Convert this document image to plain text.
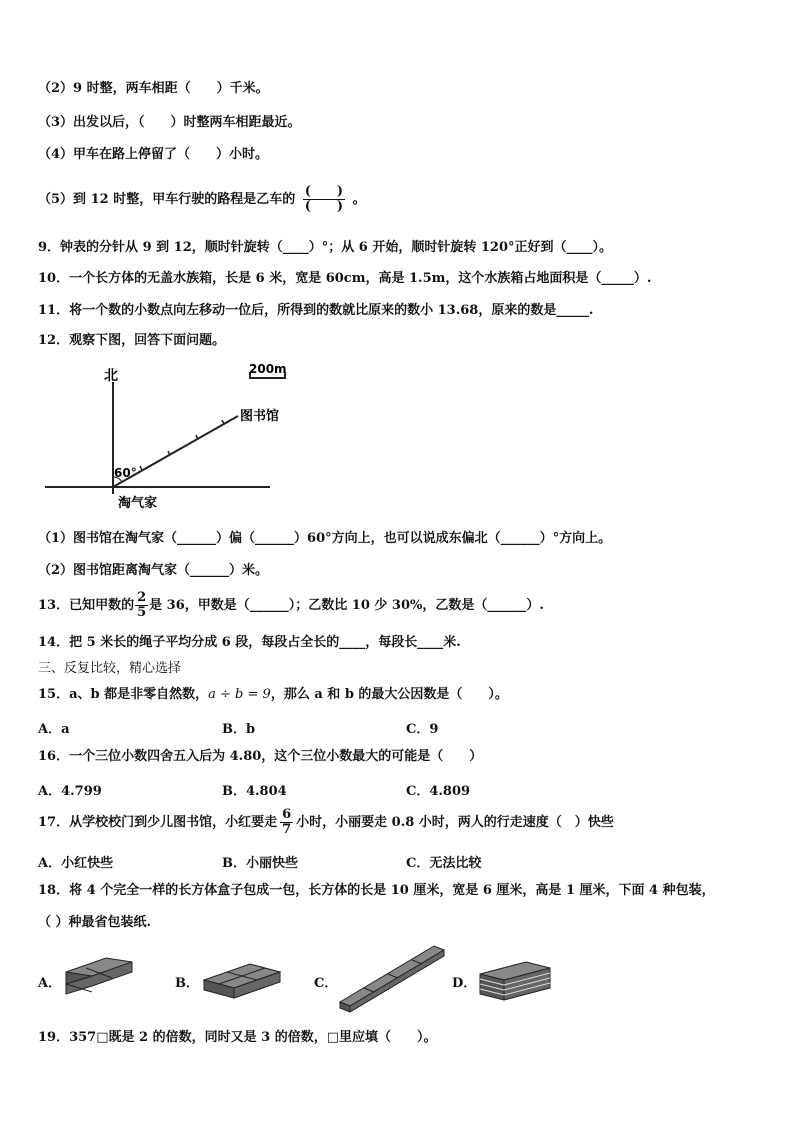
（2）9 时整，两车相距（　　）千米。
（3）出发以后，（　　）时整两车相距最近。
（4）甲车在路上停留了（　　）小时。
（5）到 12 时整，甲车行驶的路程是乙车的 $\frac{( )}{( )}$ 。
9．钟表的分针从 9 到 12，顺时针旋转（____）°；从 6 开始，顺时针旋转 120°正好到（____）。
10．一个长方体的无盖水族箱，长是 6 米，宽是 60cm，高是 1.5m，这个水族箱占地面积是（_____）.
11．将一个数的小数点向左移动一位后，所得到的数就比原来的数小 13.68，原来的数是_____.
12．观察下图，回答下面问题。
北	200m
图书馆
60°
淘气家
（1）图书馆在淘气家（______）偏（______）60°方向上，也可以说成东偏北（______）°方向上。
（2）图书馆距离淘气家（______）米。
13．已知甲数的 $\frac{2}{5}$ 是 36，甲数是（______）；乙数比 10 少 30%，乙数是（______）.
14．把 5 米长的绳子平均分成 6 段，每段占全长的____，每段长____米.
三、反复比较，精心选择
15．a、b 都是非零自然数，a ÷ b = 9，那么 a 和 b 的最大公因数是（　　）。
A．a	B．b	C．9
16．一个三位小数四舍五入后为 4.80，这个三位小数最大的可能是（　　）
A．4.799	B．4.804	C．4.809
17．从学校校门到少儿图书馆，小红要走 $\frac{6}{7}$ 小时，小丽要走 0.8 小时，两人的行走速度（　）快些
A．小红快些	B．小丽快些	C．无法比较
18．将 4 个完全一样的长方体盒子包成一包，长方体的长是 10 厘米，宽是 6 厘米，高是 1 厘米，下面 4 种包装，
（ ）种最省包装纸.
A．	B．	C．	D．
19．357□既是 2 的倍数，同时又是 3 的倍数，□里应填（　　）。
